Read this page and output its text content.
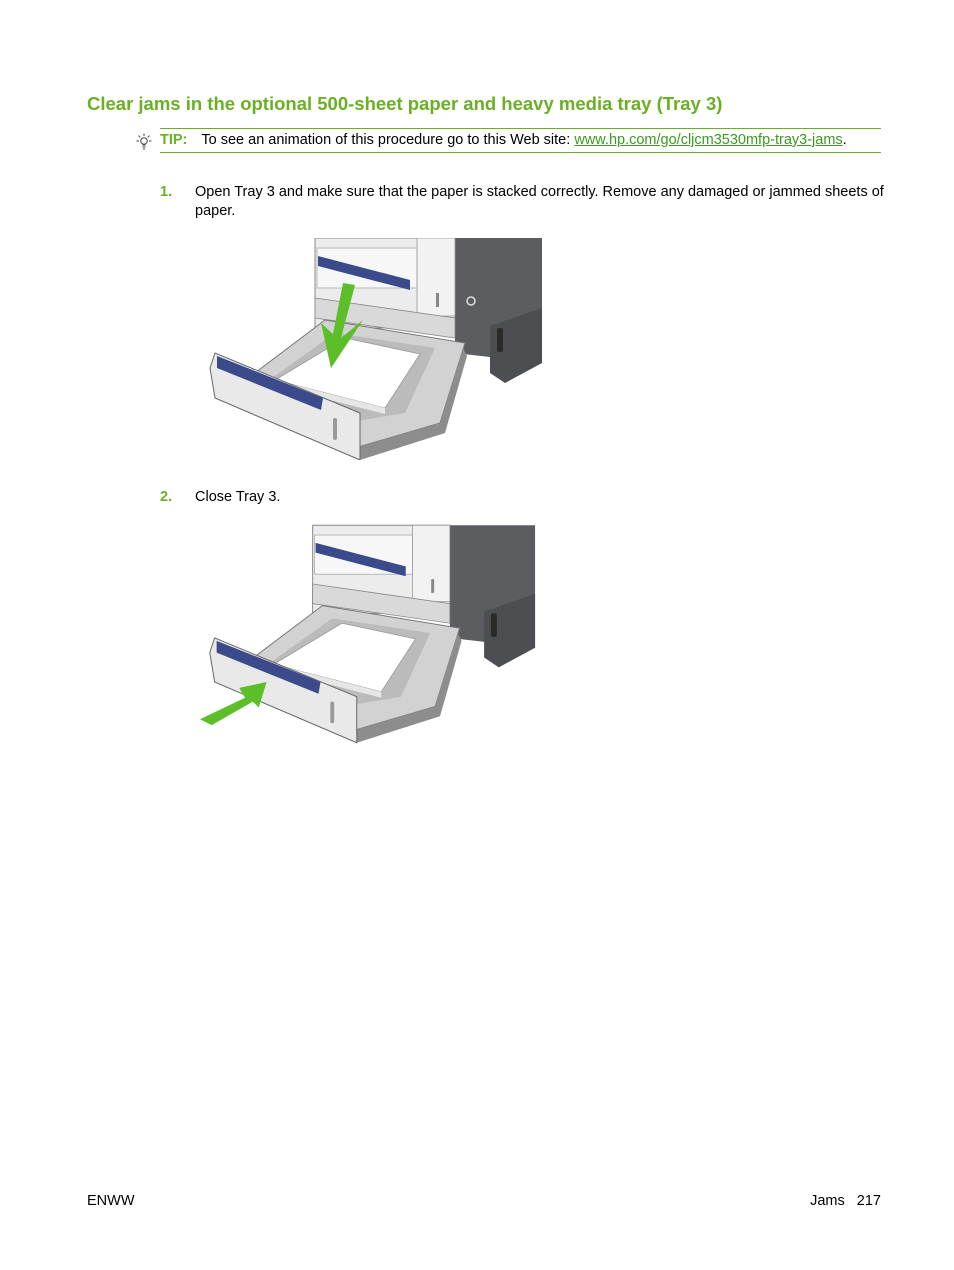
Clear jams in the optional 500-sheet paper and heavy media tray (Tray 3)
TIP: To see an animation of this procedure go to this Web site: www.hp.com/go/cljcm3530mfp-tray3-jams.
1. Open Tray 3 and make sure that the paper is stacked correctly. Remove any damaged or jammed sheets of paper.
2. Close Tray 3.
ENWW	Jams   217
